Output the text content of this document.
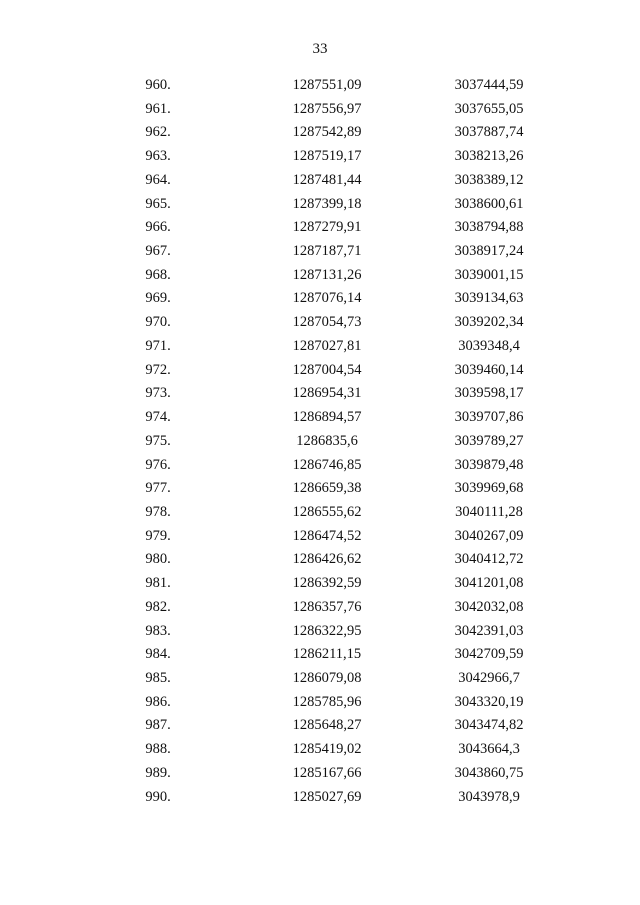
33
960.	1287551,09	3037444,59
961.	1287556,97	3037655,05
962.	1287542,89	3037887,74
963.	1287519,17	3038213,26
964.	1287481,44	3038389,12
965.	1287399,18	3038600,61
966.	1287279,91	3038794,88
967.	1287187,71	3038917,24
968.	1287131,26	3039001,15
969.	1287076,14	3039134,63
970.	1287054,73	3039202,34
971.	1287027,81	3039348,4
972.	1287004,54	3039460,14
973.	1286954,31	3039598,17
974.	1286894,57	3039707,86
975.	1286835,6	3039789,27
976.	1286746,85	3039879,48
977.	1286659,38	3039969,68
978.	1286555,62	3040111,28
979.	1286474,52	3040267,09
980.	1286426,62	3040412,72
981.	1286392,59	3041201,08
982.	1286357,76	3042032,08
983.	1286322,95	3042391,03
984.	1286211,15	3042709,59
985.	1286079,08	3042966,7
986.	1285785,96	3043320,19
987.	1285648,27	3043474,82
988.	1285419,02	3043664,3
989.	1285167,66	3043860,75
990.	1285027,69	3043978,9
